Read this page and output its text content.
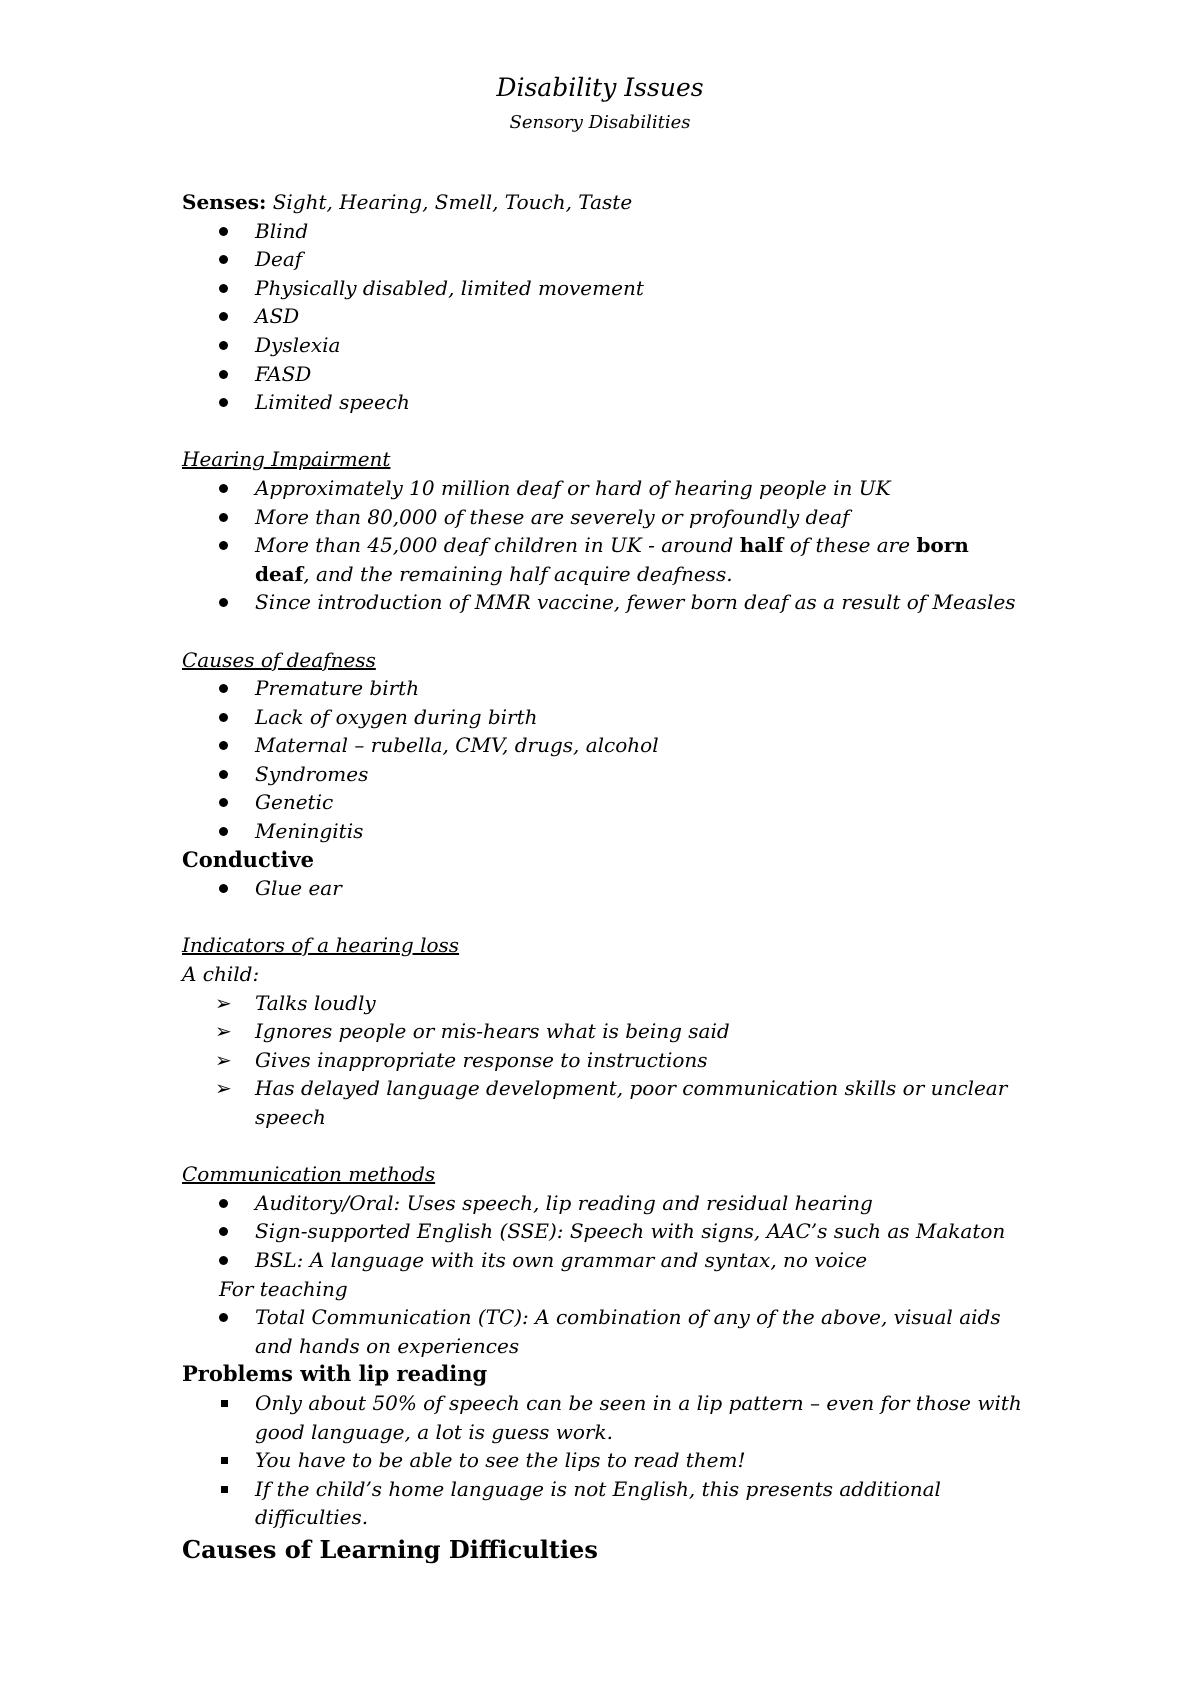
Disability Issues
Sensory Disabilities

Senses: Sight, Hearing, Smell, Touch, Taste

Blind
Deaf
Physically disabled, limited movement
ASD
Dyslexia
FASD
Limited speech

Hearing Impairment

Approximately 10 million deaf or hard of hearing people in UK
More than 80,000 of these are severely or profoundly deaf
More than 45,000 deaf children in UK - around half of these are born deaf, and the remaining half acquire deafness.
Since introduction of MMR vaccine, fewer born deaf as a result of Measles

Causes of deafness

Premature birth
Lack of oxygen during birth
Maternal – rubella, CMV, drugs, alcohol
Syndromes
Genetic
Meningitis

Conductive

Glue ear

Indicators of a hearing loss

A child:

➢ Talks loudly
➢ Ignores people or mis-hears what is being said
➢ Gives inappropriate response to instructions
➢ Has delayed language development, poor communication skills or unclear speech

Communication methods

Auditory/Oral: Uses speech, lip reading and residual hearing
Sign-supported English (SSE): Speech with signs, AAC’s such as Makaton
BSL: A language with its own grammar and syntax, no voice

For teaching

Total Communication (TC): A combination of any of the above, visual aids and hands on experiences

Problems with lip reading

Only about 50% of speech can be seen in a lip pattern – even for those with good language, a lot is guess work.
You have to be able to see the lips to read them!
If the child’s home language is not English, this presents additional difficulties.

Causes of Learning Difficulties
